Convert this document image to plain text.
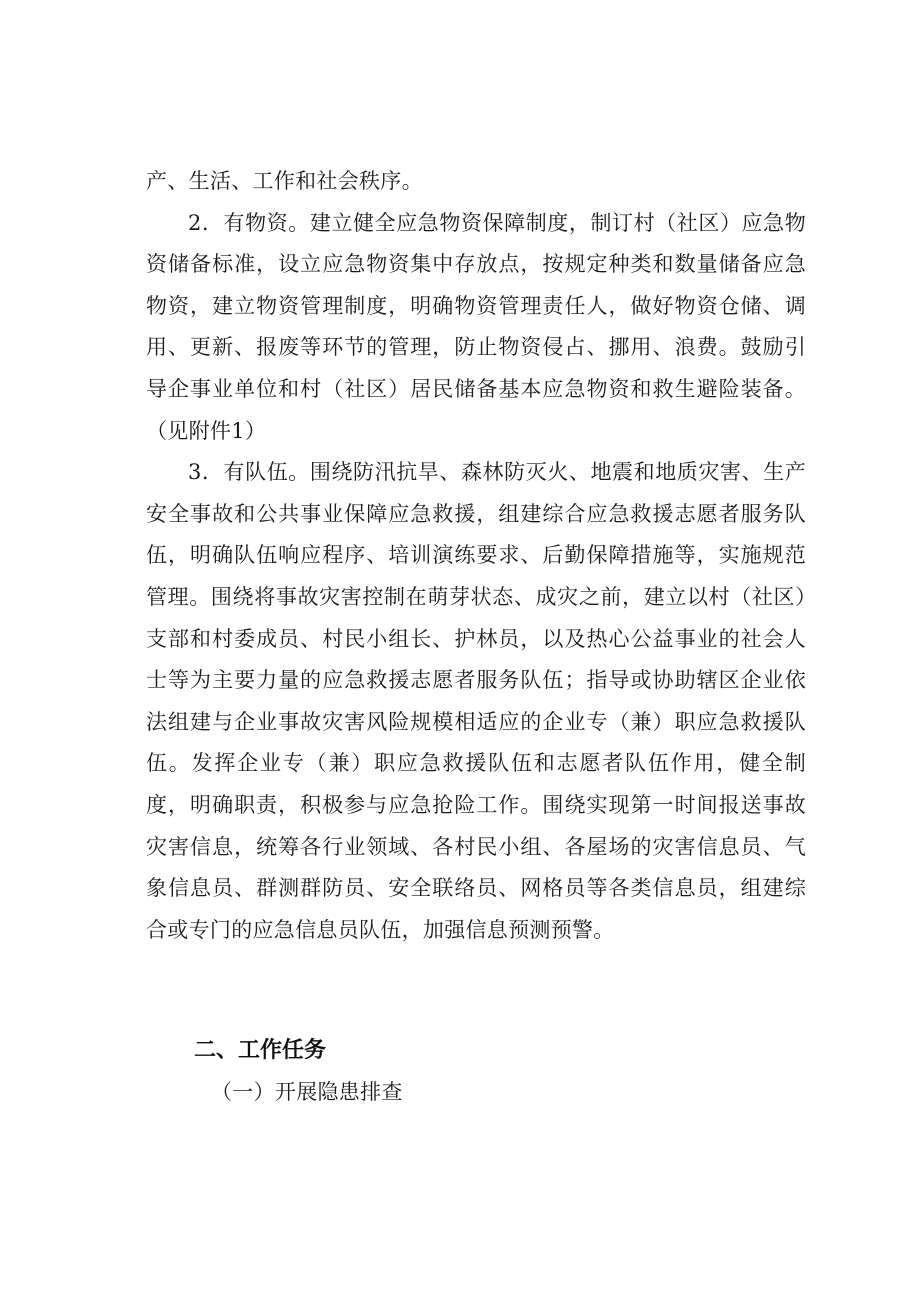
产、生活、工作和社会秩序。

2．有物资。建立健全应急物资保障制度，制订村（社区）应急物资储备标准，设立应急物资集中存放点，按规定种类和数量储备应急物资，建立物资管理制度，明确物资管理责任人，做好物资仓储、调用、更新、报废等环节的管理，防止物资侵占、挪用、浪费。鼓励引导企事业单位和村（社区）居民储备基本应急物资和救生避险装备。（见附件1）

3．有队伍。围绕防汛抗旱、森林防灭火、地震和地质灾害、生产安全事故和公共事业保障应急救援，组建综合应急救援志愿者服务队伍，明确队伍响应程序、培训演练要求、后勤保障措施等，实施规范管理。围绕将事故灾害控制在萌芽状态、成灾之前，建立以村（社区）支部和村委成员、村民小组长、护林员，以及热心公益事业的社会人士等为主要力量的应急救援志愿者服务队伍；指导或协助辖区企业依法组建与企业事故灾害风险规模相适应的企业专（兼）职应急救援队伍。发挥企业专（兼）职应急救援队伍和志愿者队伍作用，健全制度，明确职责，积极参与应急抢险工作。围绕实现第一时间报送事故灾害信息，统筹各行业领域、各村民小组、各屋场的灾害信息员、气象信息员、群测群防员、安全联络员、网格员等各类信息员，组建综合或专门的应急信息员队伍，加强信息预测预警。

二、工作任务
（一）开展隐患排查
